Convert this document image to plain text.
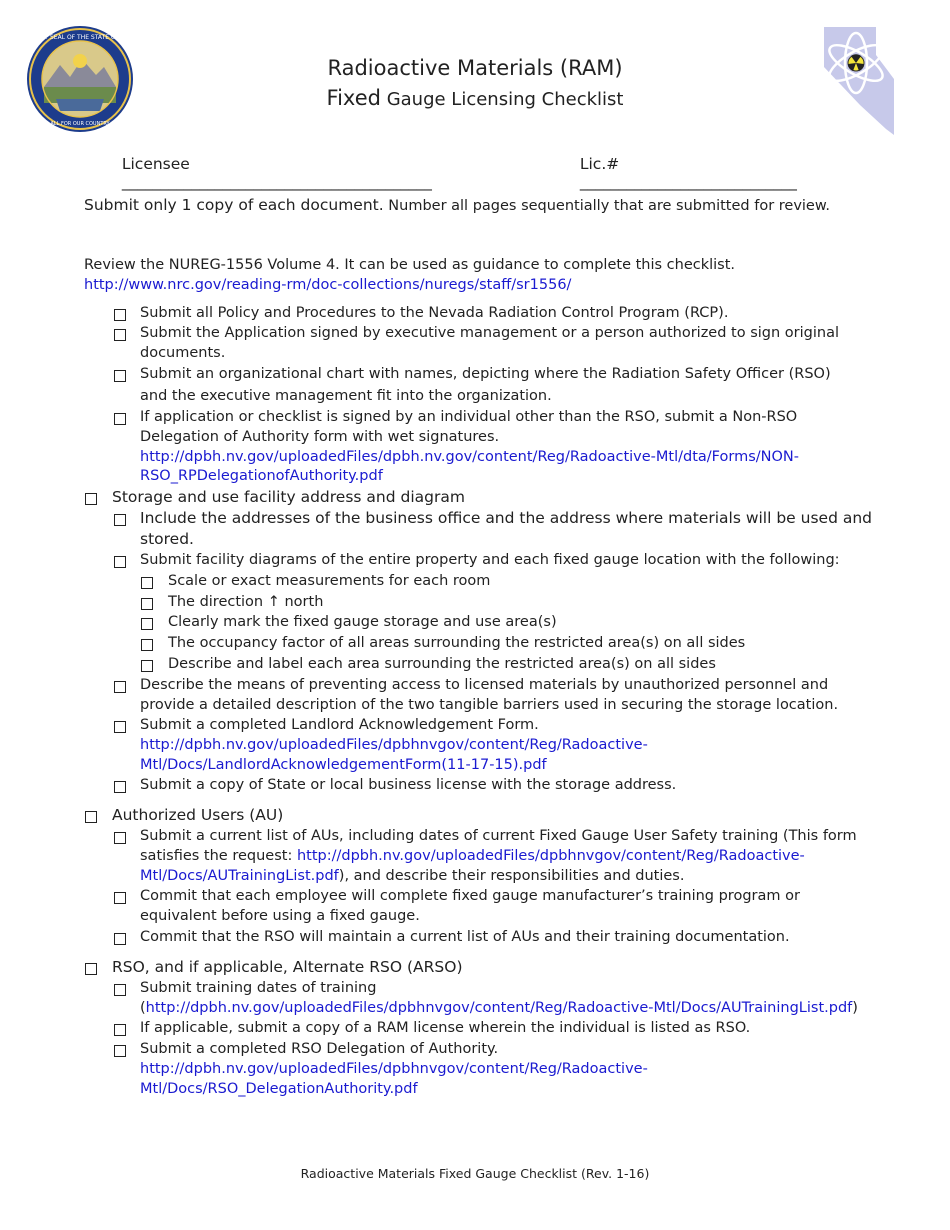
THE GREAT SEAL OF THE STATE OF NEVADA
ALL FOR OUR COUNTRY
Radioactive Materials (RAM)
Fixed Gauge Licensing Checklist

Licensee
________________________________________

Lic.#
____________________________

Submit only 1 copy of each document. Number all pages sequentially that are submitted for review.
Review the NUREG-1556 Volume 4. It can be used as guidance to complete this checklist.
http://www.nrc.gov/reading-rm/doc-collections/nuregs/staff/sr1556/
Submit all Policy and Procedures to the Nevada Radiation Control Program (RCP).
Submit the Application signed by executive management or a person authorized to sign original
documents.
Submit an organizational chart with names, depicting where the Radiation Safety Officer (RSO)
and the executive management fit into the organization.
If application or checklist is signed by an individual other than the RSO, submit a Non-RSO
Delegation of Authority form with wet signatures.
http://dpbh.nv.gov/uploadedFiles/dpbh.nv.gov/content/Reg/Radoactive-Mtl/dta/Forms/NON-
RSO_RPDelegationofAuthority.pdf
Storage and use facility address and diagram
Include the addresses of the business office and the address where materials will be used and
stored.
Submit facility diagrams of the entire property and each fixed gauge location with the following:
Scale or exact measurements for each room
The direction ↑ north
Clearly mark the fixed gauge storage and use area(s)
The occupancy factor of all areas surrounding the restricted area(s) on all sides
Describe and label each area surrounding the restricted area(s) on all sides
Describe the means of preventing access to licensed materials by unauthorized personnel and
provide a detailed description of the two tangible barriers used in securing the storage location.
Submit a completed Landlord Acknowledgement Form.
http://dpbh.nv.gov/uploadedFiles/dpbhnvgov/content/Reg/Radoactive-
Mtl/Docs/LandlordAcknowledgementForm(11-17-15).pdf
Submit a copy of State or local business license with the storage address.
Authorized Users (AU)
Submit a current list of AUs, including dates of current Fixed Gauge User Safety training (This form
satisfies the request: http://dpbh.nv.gov/uploadedFiles/dpbhnvgov/content/Reg/Radoactive-
Mtl/Docs/AUTrainingList.pdf), and describe their responsibilities and duties.
Commit that each employee will complete fixed gauge manufacturer’s training program or
equivalent before using a fixed gauge.
Commit that the RSO will maintain a current list of AUs and their training documentation.
RSO, and if applicable, Alternate RSO (ARSO)
Submit training dates of training
(http://dpbh.nv.gov/uploadedFiles/dpbhnvgov/content/Reg/Radoactive-Mtl/Docs/AUTrainingList.pdf)
If applicable, submit a copy of a RAM license wherein the individual is listed as RSO.
Submit a completed RSO Delegation of Authority.
http://dpbh.nv.gov/uploadedFiles/dpbhnvgov/content/Reg/Radoactive-
Mtl/Docs/RSO_DelegationAuthority.pdf
Radioactive Materials Fixed Gauge Checklist (Rev. 1-16)
